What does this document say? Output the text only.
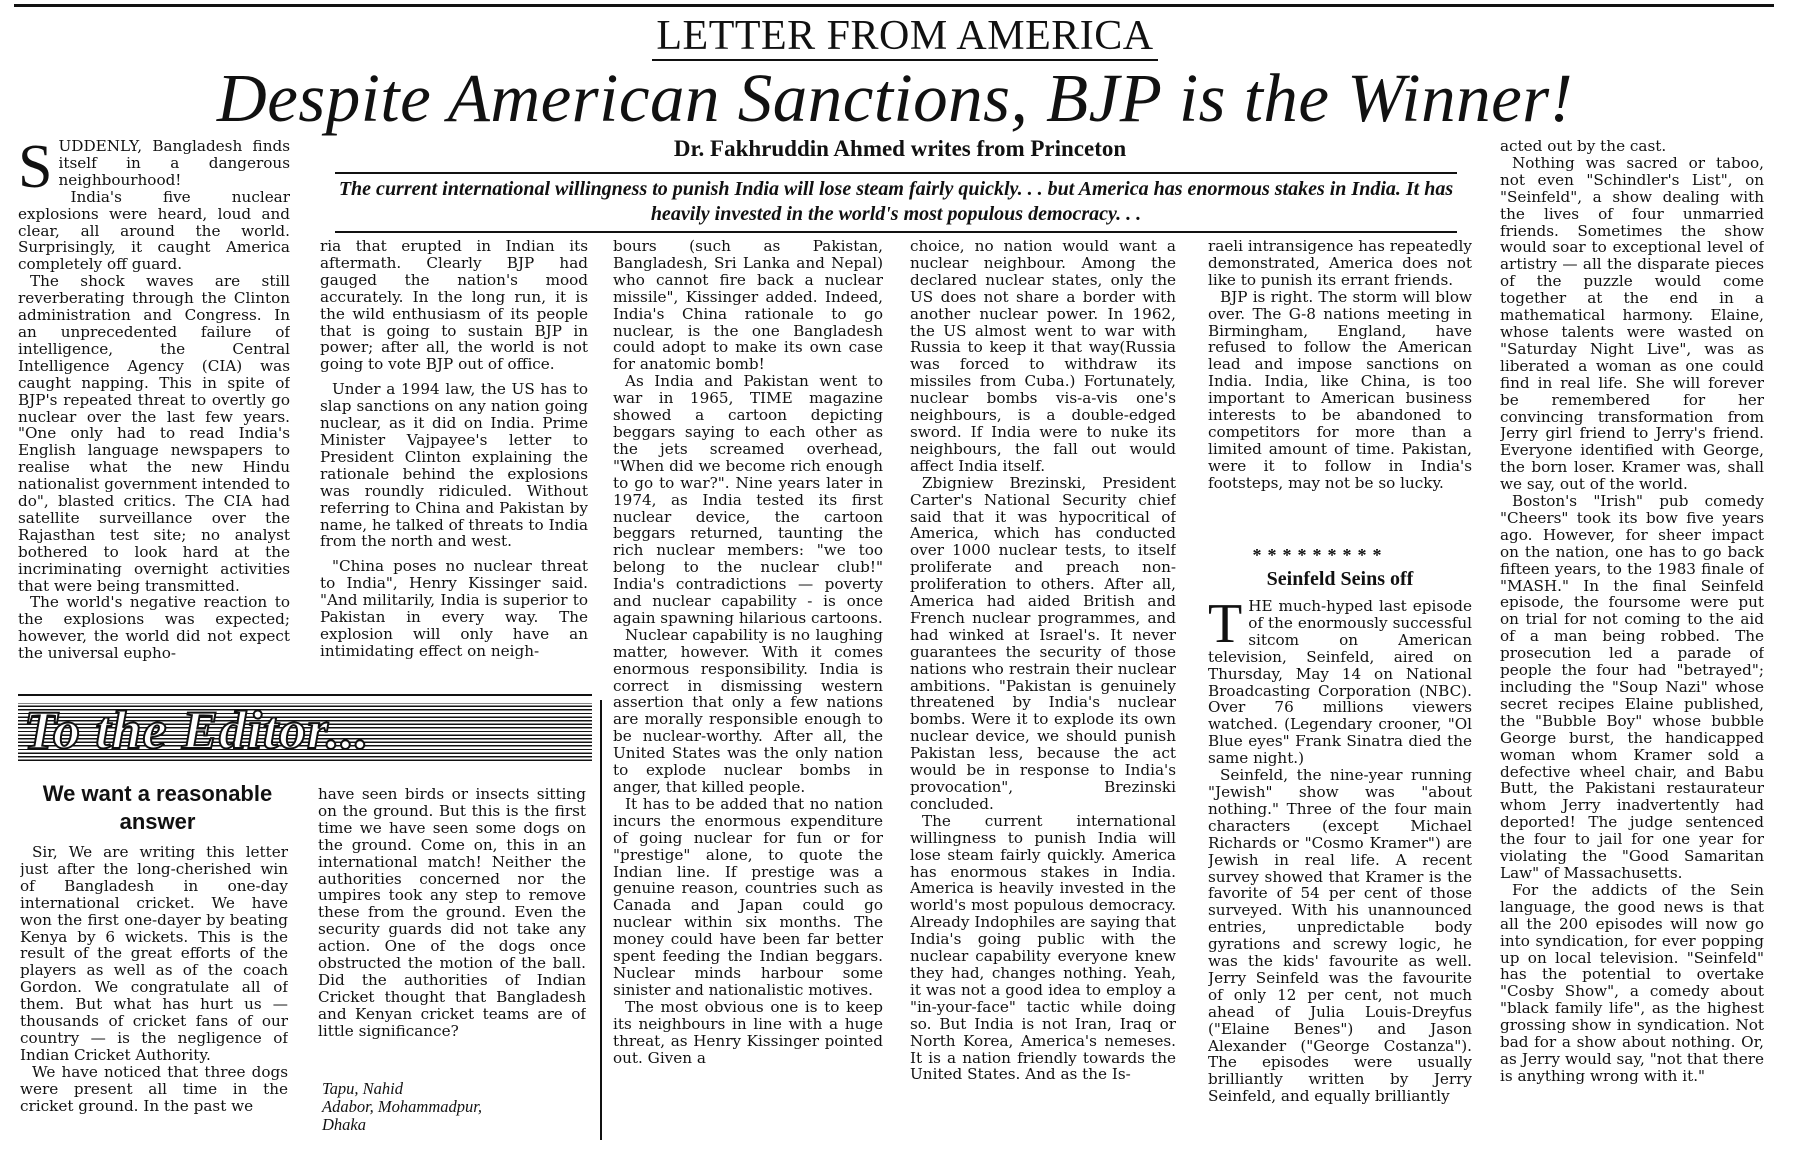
LETTER FROM AMERICA
Despite American Sanctions, BJP is the Winner!
Dr. Fakhruddin Ahmed writes from Princeton
The current international willingness to punish India will lose steam fairly quickly. . . but America has enormous stakes in India. It has heavily invested in the world's most populous democracy. . .

SUDDENLY, Bangladesh finds itself in a dangerous neighbourhood!

India's five nuclear explosions were heard, loud and clear, all around the world. Surprisingly, it caught America completely off guard.

The shock waves are still reverberating through the Clinton administration and Congress. In an unprecedented failure of intelligence, the Central Intelligence Agency (CIA) was caught napping. This in spite of BJP's repeated threat to overtly go nuclear over the last few years. "One only had to read India's English language newspapers to realise what the new Hindu nationalist government intended to do", blasted critics. The CIA had satellite surveillance over the Rajasthan test site; no analyst bothered to look hard at the incriminating overnight activities that were being transmitted.

The world's negative reaction to the explosions was expected; however, the world did not expect the universal eupho-

ria that erupted in Indian its aftermath. Clearly BJP had gauged the nation's mood accurately. In the long run, it is the wild enthusiasm of its people that is going to sustain BJP in power; after all, the world is not going to vote BJP out of office.

Under a 1994 law, the US has to slap sanctions on any nation going nuclear, as it did on India. Prime Minister Vajpayee's letter to President Clinton explaining the rationale behind the explosions was roundly ridiculed. Without referring to China and Pakistan by name, he talked of threats to India from the north and west.

"China poses no nuclear threat to India", Henry Kissinger said. "And militarily, India is superior to Pakistan in every way. The explosion will only have an intimidating effect on neigh-

bours (such as Pakistan, Bangladesh, Sri Lanka and Nepal) who cannot fire back a nuclear missile", Kissinger added. Indeed, India's China rationale to go nuclear, is the one Bangladesh could adopt to make its own case for anatomic bomb!

As India and Pakistan went to war in 1965, TIME magazine showed a cartoon depicting beggars saying to each other as the jets screamed overhead, "When did we become rich enough to go to war?". Nine years later in 1974, as India tested its first nuclear device, the cartoon beggars returned, taunting the rich nuclear members: "we too belong to the nuclear club!" India's contradictions — poverty and nuclear capability - is once again spawning hilarious cartoons.

Nuclear capability is no laughing matter, however. With it comes enormous responsibility. India is correct in dismissing western assertion that only a few nations are morally responsible enough to be nuclear-worthy. After all, the United States was the only nation to explode nuclear bombs in anger, that killed people.

It has to be added that no nation incurs the enormous expenditure of going nuclear for fun or for "prestige" alone, to quote the Indian line. If prestige was a genuine reason, countries such as Canada and Japan could go nuclear within six months. The money could have been far better spent feeding the Indian beggars. Nuclear minds harbour some sinister and nationalistic motives.

The most obvious one is to keep its neighbours in line with a huge threat, as Henry Kissinger pointed out. Given a

choice, no nation would want a nuclear neighbour. Among the declared nuclear states, only the US does not share a border with another nuclear power. In 1962, the US almost went to war with Russia to keep it that way(Russia was forced to withdraw its missiles from Cuba.) Fortunately, nuclear bombs vis-a-vis one's neighbours, is a double-edged sword. If India were to nuke its neighbours, the fall out would affect India itself.

Zbigniew Brezinski, President Carter's National Security chief said that it was hypocritical of America, which has conducted over 1000 nuclear tests, to itself proliferate and preach non-proliferation to others. After all, America had aided British and French nuclear programmes, and had winked at Israel's. It never guarantees the security of those nations who restrain their nuclear ambitions. "Pakistan is genuinely threatened by India's nuclear bombs. Were it to explode its own nuclear device, we should punish Pakistan less, because the act would be in response to India's provocation", Brezinski concluded.

The current international willingness to punish India will lose steam fairly quickly. America has enormous stakes in India. America is heavily invested in the world's most populous democracy. Already Indophiles are saying that India's going public with the nuclear capability everyone knew they had, changes nothing. Yeah, it was not a good idea to employ a "in-your-face" tactic while doing so. But India is not Iran, Iraq or North Korea, America's nemeses. It is a nation friendly towards the United States. And as the Is-

raeli intransigence has repeatedly demonstrated, America does not like to punish its errant friends.

BJP is right. The storm will blow over. The G-8 nations meeting in Birmingham, England, have refused to follow the American lead and impose sanctions on India. India, like China, is too important to American business interests to be abandoned to competitors for more than a limited amount of time. Pakistan, were it to follow in India's footsteps, may not be so lucky.

*********
Seinfeld Seins off

THE much-hyped last episode of the enormously successful sitcom on American television, Seinfeld, aired on Thursday, May 14 on National Broadcasting Corporation (NBC). Over 76 millions viewers watched. (Legendary crooner, "Ol Blue eyes" Frank Sinatra died the same night.)

Seinfeld, the nine-year running "Jewish" show was "about nothing." Three of the four main characters (except Michael Richards or "Cosmo Kramer") are Jewish in real life. A recent survey showed that Kramer is the favorite of 54 per cent of those surveyed. With his unannounced entries, unpredictable body gyrations and screwy logic, he was the kids' favourite as well. Jerry Seinfeld was the favourite of only 12 per cent, not much ahead of Julia Louis-Dreyfus ("Elaine Benes") and Jason Alexander ("George Costanza"). The episodes were usually brilliantly written by Jerry Seinfeld, and equally brilliantly

acted out by the cast.

Nothing was sacred or taboo, not even "Schindler's List", on "Seinfeld", a show dealing with the lives of four unmarried friends. Sometimes the show would soar to exceptional level of artistry — all the disparate pieces of the puzzle would come together at the end in a mathematical harmony. Elaine, whose talents were wasted on "Saturday Night Live", was as liberated a woman as one could find in real life. She will forever be remembered for her convincing transformation from Jerry girl friend to Jerry's friend. Everyone identified with George, the born loser. Kramer was, shall we say, out of the world.

Boston's "Irish" pub comedy "Cheers" took its bow five years ago. However, for sheer impact on the nation, one has to go back fifteen years, to the 1983 finale of "MASH." In the final Seinfeld episode, the foursome were put on trial for not coming to the aid of a man being robbed. The prosecution led a parade of people the four had "betrayed"; including the "Soup Nazi" whose secret recipes Elaine published, the "Bubble Boy" whose bubble George burst, the handicapped woman whom Kramer sold a defective wheel chair, and Babu Butt, the Pakistani restaurateur whom Jerry inadvertently had deported! The judge sentenced the four to jail for one year for violating the "Good Samaritan Law" of Massachusetts.

For the addicts of the Sein language, the good news is that all the 200 episodes will now go into syndication, for ever popping up on local television. "Seinfeld" has the potential to overtake "Cosby Show", a comedy about "black family life", as the highest grossing show in syndication. Not bad for a show about nothing. Or, as Jerry would say, "not that there is anything wrong with it."

To the Editor...
We want a reasonable answer

Sir, We are writing this letter just after the long-cherished win of Bangladesh in one-day international cricket. We have won the first one-dayer by beating Kenya by 6 wickets. This is the result of the great efforts of the players as well as of the coach Gordon. We congratulate all of them. But what has hurt us — thousands of cricket fans of our country — is the negligence of Indian Cricket Authority.

We have noticed that three dogs were present all time in the cricket ground. In the past we

have seen birds or insects sitting on the ground. But this is the first time we have seen some dogs on the ground. Come on, this in an international match! Neither the authorities concerned nor the umpires took any step to remove these from the ground. Even the security guards did not take any action. One of the dogs once obstructed the motion of the ball. Did the authorities of Indian Cricket thought that Bangladesh and Kenyan cricket teams are of little significance?

Tapu, Nahid
Adabor, Mohammadpur,
Dhaka
